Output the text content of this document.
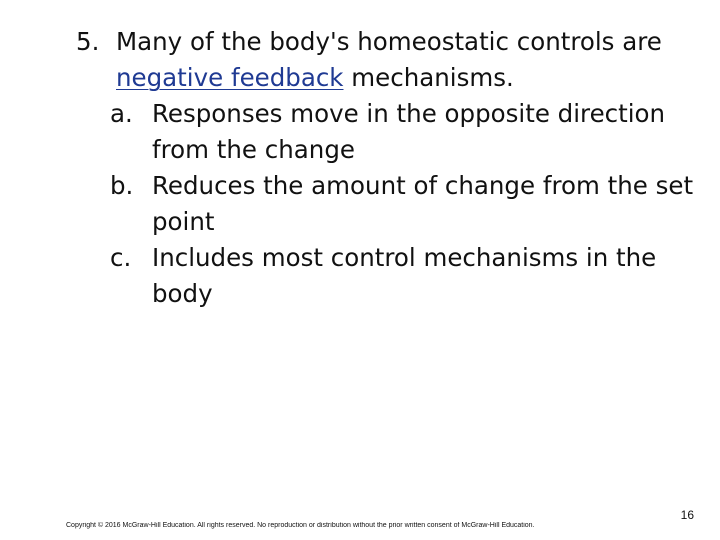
5. Many of the body's homeostatic controls are negative feedback mechanisms.
a. Responses move in the opposite direction from the change
b. Reduces the amount of change from the set point
c. Includes most control mechanisms in the body
16
Copyright © 2016 McGraw-Hill Education. All rights reserved. No reproduction or distribution without the prior written consent of McGraw-Hill Education.
